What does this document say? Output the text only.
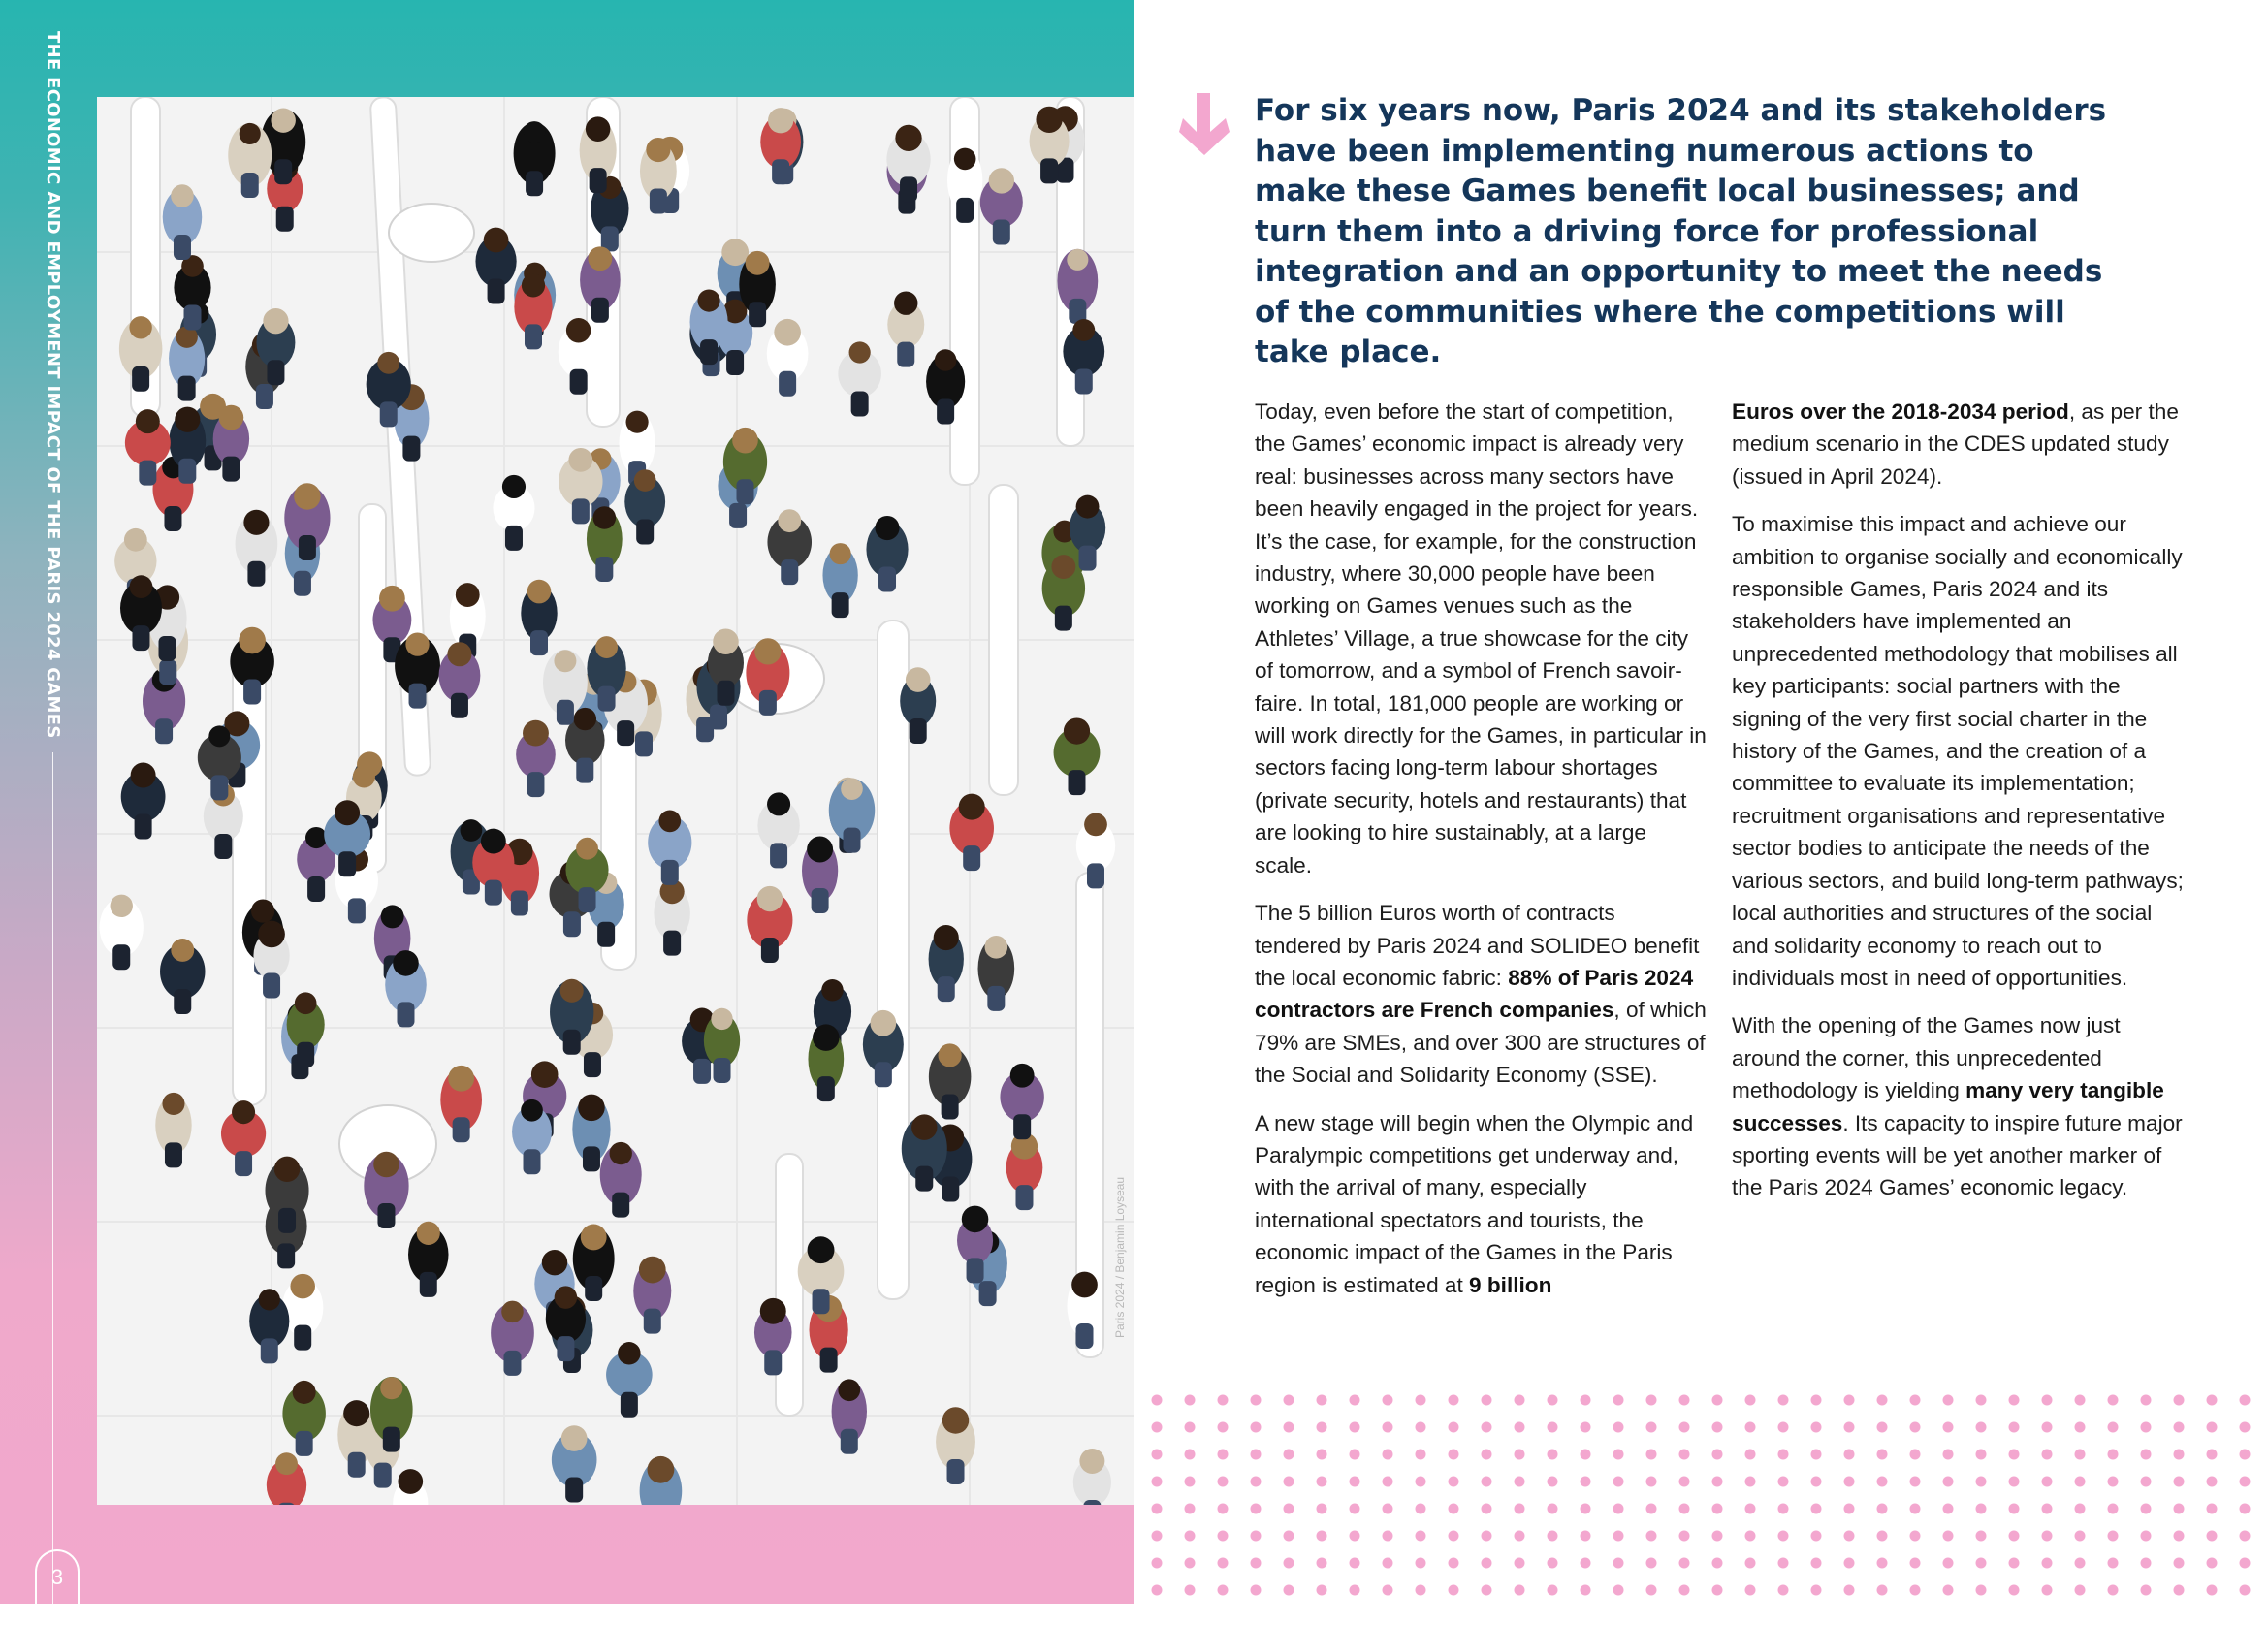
THE ECONOMIC AND EMPLOYMENT IMPACT OF THE PARIS 2024 GAMES
3
Paris 2024 / Benjamin Loyseau
For six years now, Paris 2024 and its stakeholders have been implementing numerous actions to make these Games benefit local businesses; and turn them into a driving force for professional integration and an opportunity to meet the needs of the communities where the competitions will take place.

Today, even before the start of competition, the Games’ economic impact is already very real: businesses across many sectors have been heavily engaged in the project for years. It’s the case, for example, for the construction industry, where 30,000 people have been working on Games venues such as the Athletes’ Village, a true showcase for the city of tomorrow, and a symbol of French savoir-faire. In total, 181,000 people are working or will work directly for the Games, in particular in sectors facing long-term labour shortages (private security, hotels and restaurants) that are looking to hire sustainably, at a large scale.

The 5 billion Euros worth of contracts tendered by Paris 2024 and SOLIDEO benefit the local economic fabric: 88% of Paris 2024 contractors are French companies, of which 79% are SMEs, and over 300 are structures of the Social and Solidarity Economy (SSE).

A new stage will begin when the Olympic and Paralympic competitions get underway and, with the arrival of many, especially international spectators and tourists, the economic impact of the Games in the Paris region is estimated at 9 billion

Euros over the 2018-2034 period, as per the medium scenario in the CDES updated study (issued in April 2024).

To maximise this impact and achieve our ambition to organise socially and economically responsible Games, Paris 2024 and its stakeholders have implemented an unprecedented methodology that mobilises all key participants: social partners with the signing of the very first social charter in the history of the Games, and the creation of a committee to evaluate its implementation; recruitment organisations and representative sector bodies to anticipate the needs of the various sectors, and build long-term pathways; local authorities and structures of the social and solidarity economy to reach out to individuals most in need of opportunities.

With the opening of the Games now just around the corner, this unprecedented methodology is yielding many very tangible successes. Its capacity to inspire future major sporting events will be yet another marker of the Paris 2024 Games’ economic legacy.
